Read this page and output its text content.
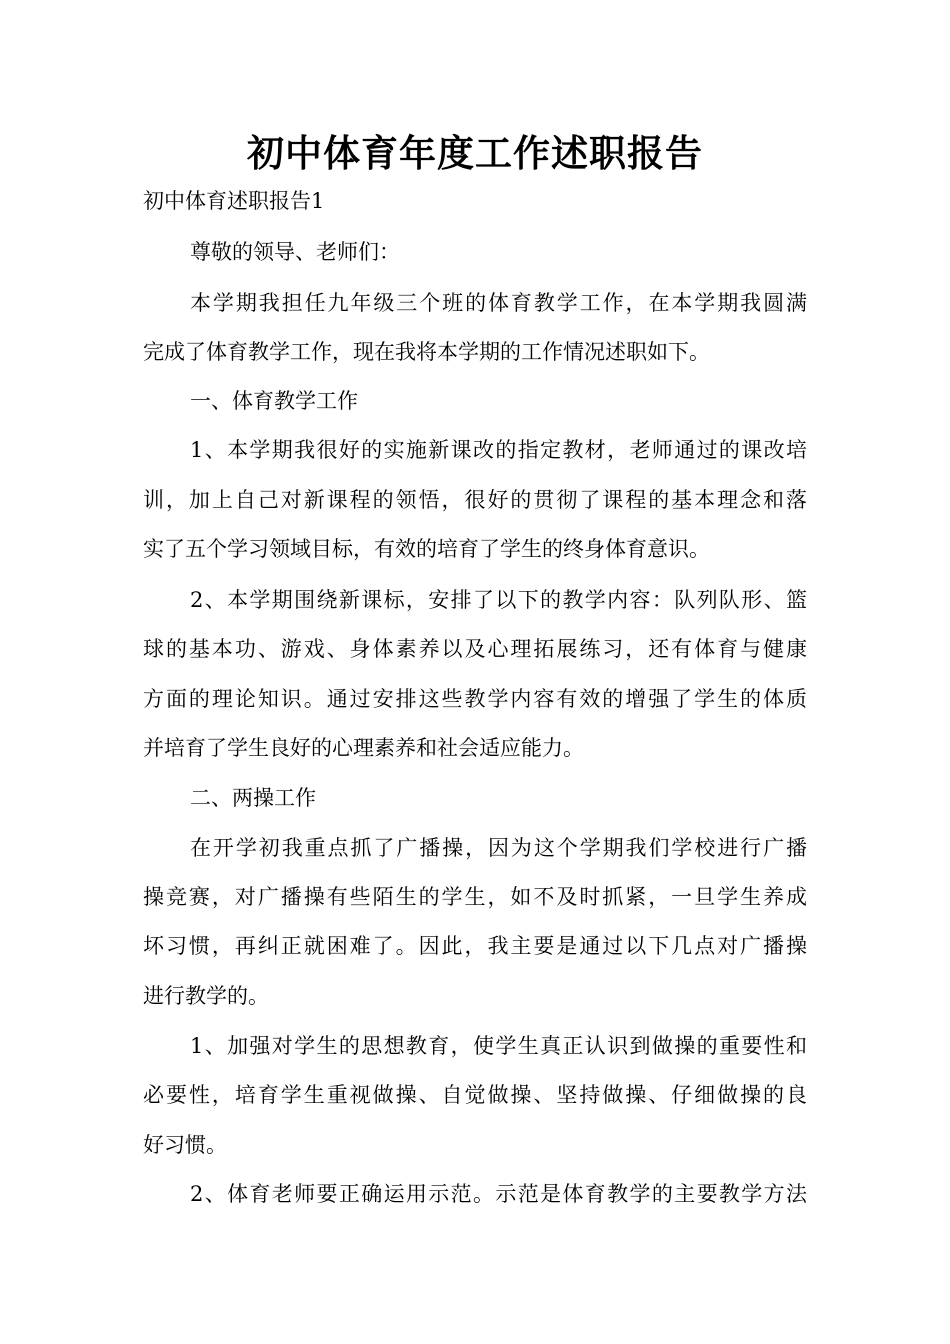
初中体育年度工作述职报告
初中体育述职报告1
尊敬的领导、老师们：
本学期我担任九年级三个班的体育教学工作，在本学期我圆满
完成了体育教学工作，现在我将本学期的工作情况述职如下。
一、体育教学工作
1、本学期我很好的实施新课改的指定教材，老师通过的课改培
训，加上自己对新课程的领悟，很好的贯彻了课程的基本理念和落
实了五个学习领域目标，有效的培育了学生的终身体育意识。
2、本学期围绕新课标，安排了以下的教学内容：队列队形、篮
球的基本功、游戏、身体素养以及心理拓展练习，还有体育与健康
方面的理论知识。通过安排这些教学内容有效的增强了学生的体质
并培育了学生良好的心理素养和社会适应能力。
二、两操工作
在开学初我重点抓了广播操，因为这个学期我们学校进行广播
操竞赛，对广播操有些陌生的学生，如不及时抓紧，一旦学生养成
坏习惯，再纠正就困难了。因此，我主要是通过以下几点对广播操
进行教学的。
1、加强对学生的思想教育，使学生真正认识到做操的重要性和
必要性，培育学生重视做操、自觉做操、坚持做操、仔细做操的良
好习惯。
2、体育老师要正确运用示范。示范是体育教学的主要教学方法
